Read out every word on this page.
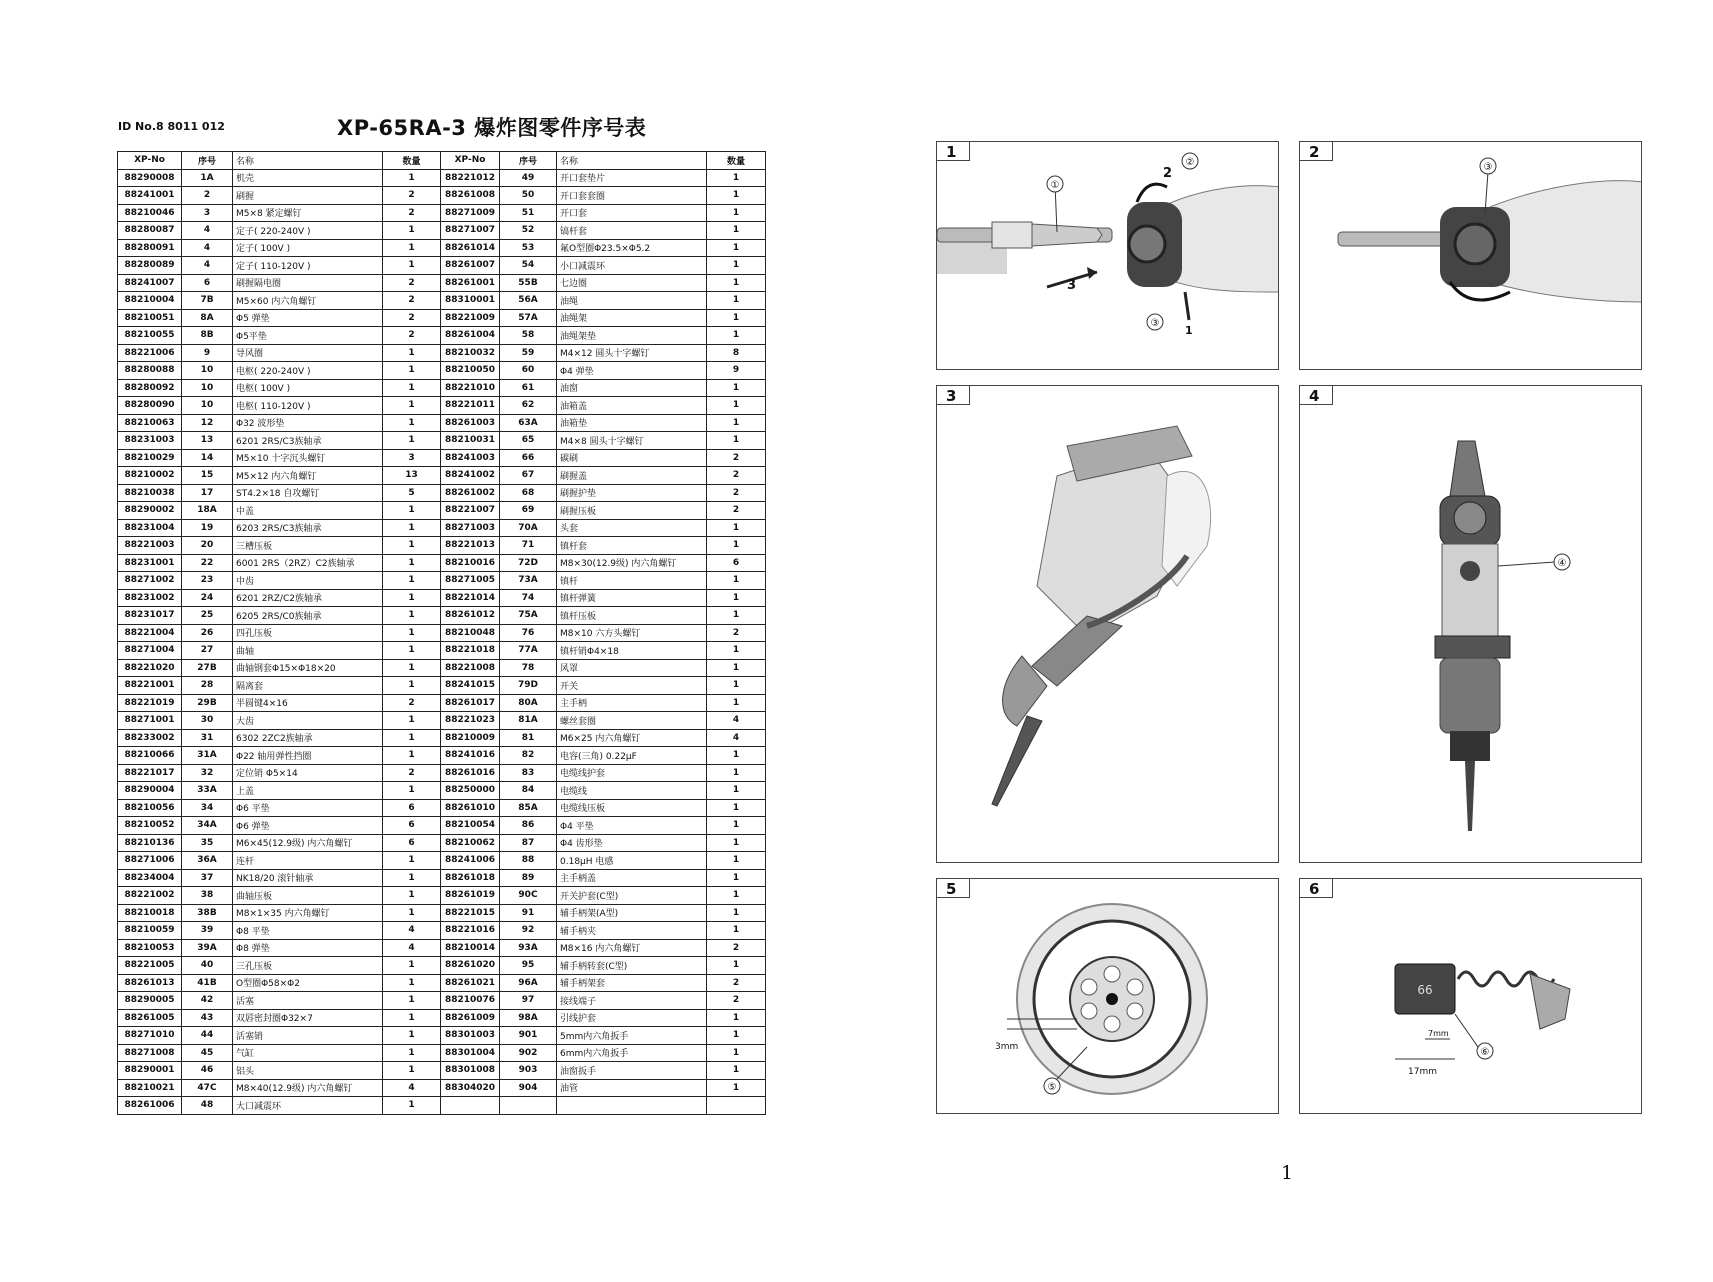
ID No.8 8011 012	XP-65RA-3 爆炸图零件序号表
XP-No	序号	名称	数量	XP-No	序号	名称	数量
88290008	1A	机壳	1	88221012	49	开口套垫片	1
88241001	2	刷握	2	88261008	50	开口套套圈	1
88210046	3	M5×8 紧定螺钉	2	88271009	51	开口套	1
88280087	4	定子( 220-240V )	1	88271007	52	镐杆套	1
88280091	4	定子( 100V )	1	88261014	53	氟O型圈Φ23.5×Φ5.2	1
88280089	4	定子( 110-120V )	1	88261007	54	小口减震环	1
88241007	6	刷握隔电圈	2	88261001	55B	七边圈	1
88210004	7B	M5×60 内六角螺钉	2	88310001	56A	油绳	1
88210051	8A	Φ5 弹垫	2	88221009	57A	油绳架	1
88210055	8B	Φ5平垫	2	88261004	58	油绳架垫	1
88221006	9	导风圈	1	88210032	59	M4×12 圆头十字螺钉	8
88280088	10	电枢( 220-240V )	1	88210050	60	Φ4 弹垫	9
88280092	10	电枢( 100V )	1	88221010	61	油窗	1
88280090	10	电枢( 110-120V )	1	88221011	62	油箱盖	1
88210063	12	Φ32 波形垫	1	88261003	63A	油箱垫	1
88231003	13	6201 2RS/C3族轴承	1	88210031	65	M4×8 圆头十字螺钉	1
88210029	14	M5×10 十字沉头螺钉	3	88241003	66	碳刷	2
88210002	15	M5×12 内六角螺钉	13	88241002	67	刷握盖	2
88210038	17	ST4.2×18 自攻螺钉	5	88261002	68	刷握护垫	2
88290002	18A	中盖	1	88221007	69	刷握压板	2
88231004	19	6203 2RS/C3族轴承	1	88271003	70A	头套	1
88221003	20	三槽压板	1	88221013	71	镇杆套	1
88231001	22	6001 2RS（2RZ）C2族轴承	1	88210016	72D	M8×30(12.9级) 内六角螺钉	6
88271002	23	中齿	1	88271005	73A	镇杆	1
88231002	24	6201 2RZ/C2族轴承	1	88221014	74	镇杆弹簧	1
88231017	25	6205 2RS/C0族轴承	1	88261012	75A	镇杆压板	1
88221004	26	四孔压板	1	88210048	76	M8×10 六方头螺钉	2
88271004	27	曲轴	1	88221018	77A	镇杆销Φ4×18	1
88221020	27B	曲轴钢套Φ15×Φ18×20	1	88221008	78	风罩	1
88221001	28	隔离套	1	88241015	79D	开关	1
88221019	29B	半圆键4×16	2	88261017	80A	主手柄	1
88271001	30	大齿	1	88221023	81A	螺丝套圈	4
88233002	31	6302 2ZC2族轴承	1	88210009	81	M6×25 内六角螺钉	4
88210066	31A	Φ22 轴用弹性挡圈	1	88241016	82	电容(三角) 0.22μF	1
88221017	32	定位销 Φ5×14	2	88261016	83	电缆线护套	1
88290004	33A	上盖	1	88250000	84	电缆线	1
88210056	34	Φ6 平垫	6	88261010	85A	电缆线压板	1
88210052	34A	Φ6 弹垫	6	88210054	86	Φ4 平垫	1
88210136	35	M6×45(12.9级) 内六角螺钉	6	88210062	87	Φ4 齿形垫	1
88271006	36A	连杆	1	88241006	88	0.18μH 电感	1
88234004	37	NK18/20 滚针轴承	1	88261018	89	主手柄盖	1
88221002	38	曲轴压板	1	88261019	90C	开关护套(C型)	1
88210018	38B	M8×1×35 内六角螺钉	1	88221015	91	辅手柄架(A型)	1
88210059	39	Φ8 平垫	4	88221016	92	辅手柄夹	1
88210053	39A	Φ8 弹垫	4	88210014	93A	M8×16 内六角螺钉	2
88221005	40	三孔压板	1	88261020	95	辅手柄转套(C型)	1
88261013	41B	O型圈Φ58×Φ2	1	88261021	96A	辅手柄架套	2
88290005	42	活塞	1	88210076	97	接线端子	2
88261005	43	双唇密封圈Φ32×7	1	88261009	98A	引线护套	1
88271010	44	活塞销	1	88301003	901	5mm内六角扳手	1
88271008	45	气缸	1	88301004	902	6mm内六角扳手	1
88290001	46	铝头	1	88301008	903	油窗扳手	1
88210021	47C	M8×40(12.9级) 内六角螺钉	4	88304020	904	油管	1
88261006	48	大口减震环	1				
1
①
②
③
1
2
3
2
③
3	4
④
5
3mm
⑤
6
66
17mm
7mm
⑥
1
